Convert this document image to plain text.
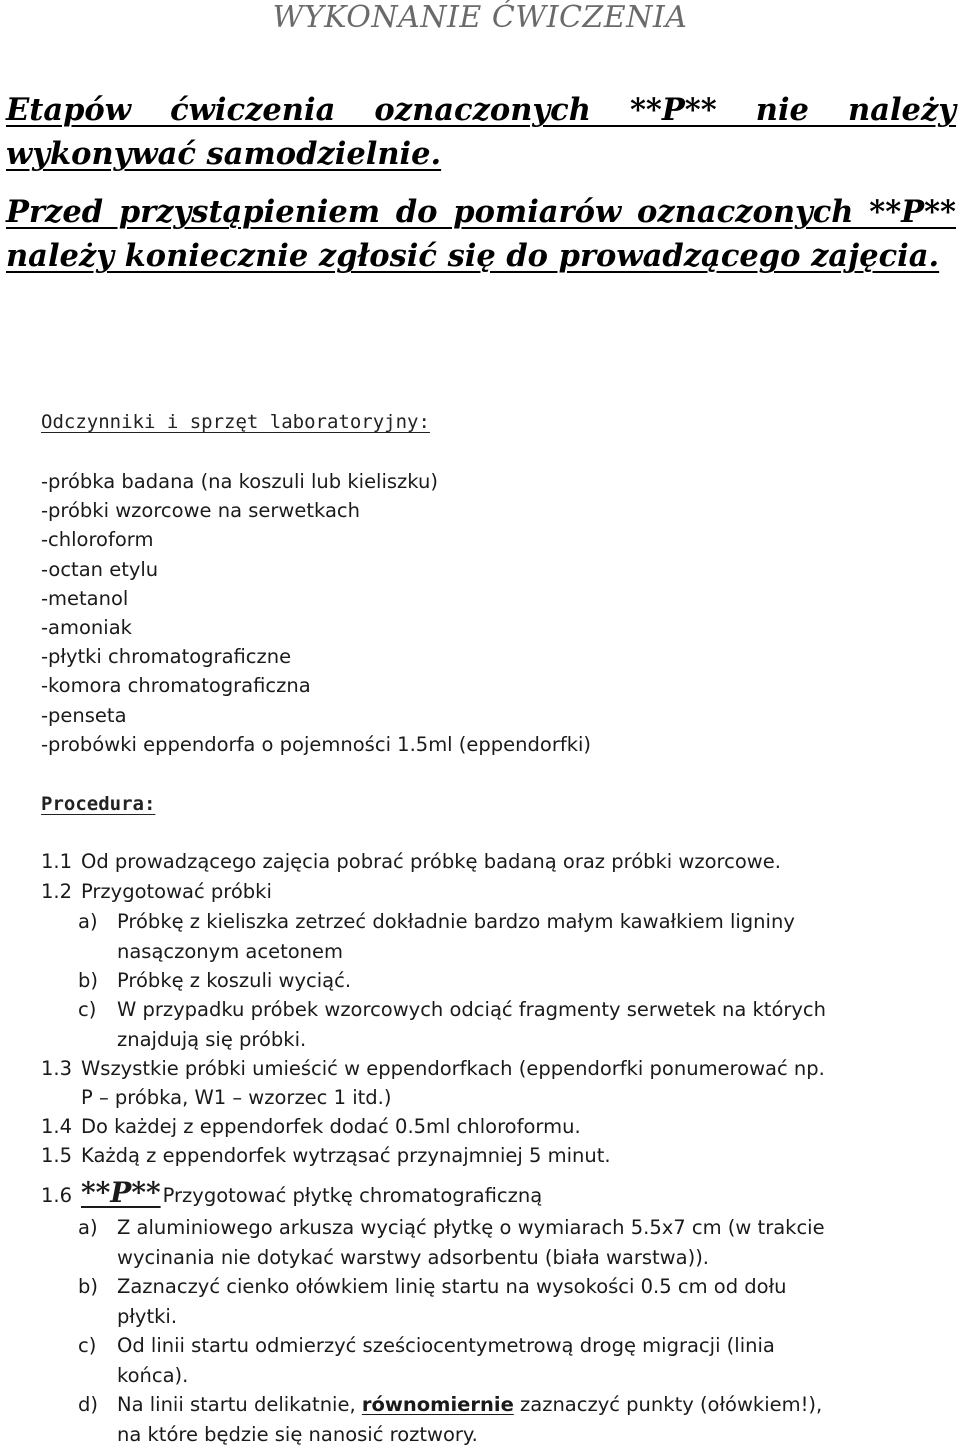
WYKONANIE ĆWICZENIA
Etapów ćwiczenia oznaczonych **P** nie należy wykonywać samodzielnie.
Przed przystąpieniem do pomiarów oznaczonych **P** należy koniecznie zgłosić się do prowadzącego zajęcia.
Odczynniki i sprzęt laboratoryjny:
-próbka badana (na koszuli lub kieliszku)
-próbki wzorcowe na serwetkach
-chloroform
-octan etylu
-metanol
-amoniak
-płytki chromatograficzne
-komora chromatograficzna
-penseta
-probówki eppendorfa o pojemności 1.5ml (eppendorfki)
Procedura:
1.1 Od prowadzącego zajęcia pobrać próbkę badaną oraz próbki wzorcowe.
1.2 Przygotować próbki
a) Próbkę z kieliszka zetrzeć dokładnie bardzo małym kawałkiem ligniny
nasączonym acetonem
b) Próbkę z koszuli wyciąć.
c) W przypadku próbek wzorcowych odciąć fragmenty serwetek na których
znajdują się próbki.
1.3 Wszystkie próbki umieścić w eppendorfkach (eppendorfki ponumerować np.
P – próbka, W1 – wzorzec 1 itd.)
1.4 Do każdej z eppendorfek dodać 0.5ml chloroformu.
1.5 Każdą z eppendorfek wytrząsać przynajmniej 5 minut.
1.6 **P** Przygotować płytkę chromatograficzną
a) Z aluminiowego arkusza wyciąć płytkę o wymiarach 5.5x7 cm (w trakcie
wycinania nie dotykać warstwy adsorbentu (biała warstwa)).
b) Zaznaczyć cienko ołówkiem linię startu na wysokości 0.5 cm od dołu
płytki.
c) Od linii startu odmierzyć sześciocentymetrową drogę migracji (linia
końca).
d) Na linii startu delikatnie, równomiernie zaznaczyć punkty (ołówkiem!),
na które będzie się nanosić roztwory.
